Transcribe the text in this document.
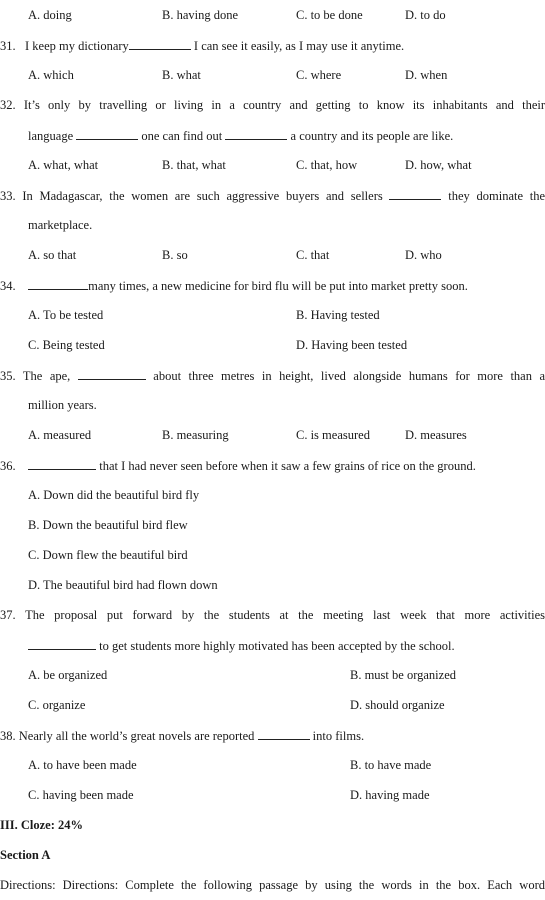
A. doing	B. having done	C. to be done	D. to do
31. I keep my dictionary	I can see it easily, as I may use it anytime.
A. which	B. what	C. where	D. when
32. It’s only by travelling or living in a country and getting to know its inhabitants and their
language	one can find out	a country and its people are like.
A. what, what	B. that, what	C. that, how	D. how, what
33. In Madagascar, the women are such aggressive buyers and sellers	they dominate the
marketplace.
A. so that	B. so	C. that	D. who
34.	many times, a new medicine for bird flu will be put into market pretty soon.
A. To be tested	B. Having tested
C. Being tested	D. Having been tested
35. The ape,	about three metres in height, lived alongside humans for more than a
million years.
A. measured	B. measuring	C. is measured	D. measures
36.	that I had never seen before when it saw a few grains of rice on the ground.
A. Down did the beautiful bird fly
B. Down the beautiful bird flew
C. Down flew the beautiful bird
D. The beautiful bird had flown down
37. The proposal put forward by the students at the meeting last week that more activities
to get students more highly motivated has been accepted by the school.
A. be organized	B. must be organized
C. organize	D. should organize
38. Nearly all the world’s great novels are reported	into films.
A. to have been made	B. to have made
C. having been made	D. having made
III. Cloze: 24%
Section A
Directions: Directions: Complete the following passage by using the words in the box. Each word
